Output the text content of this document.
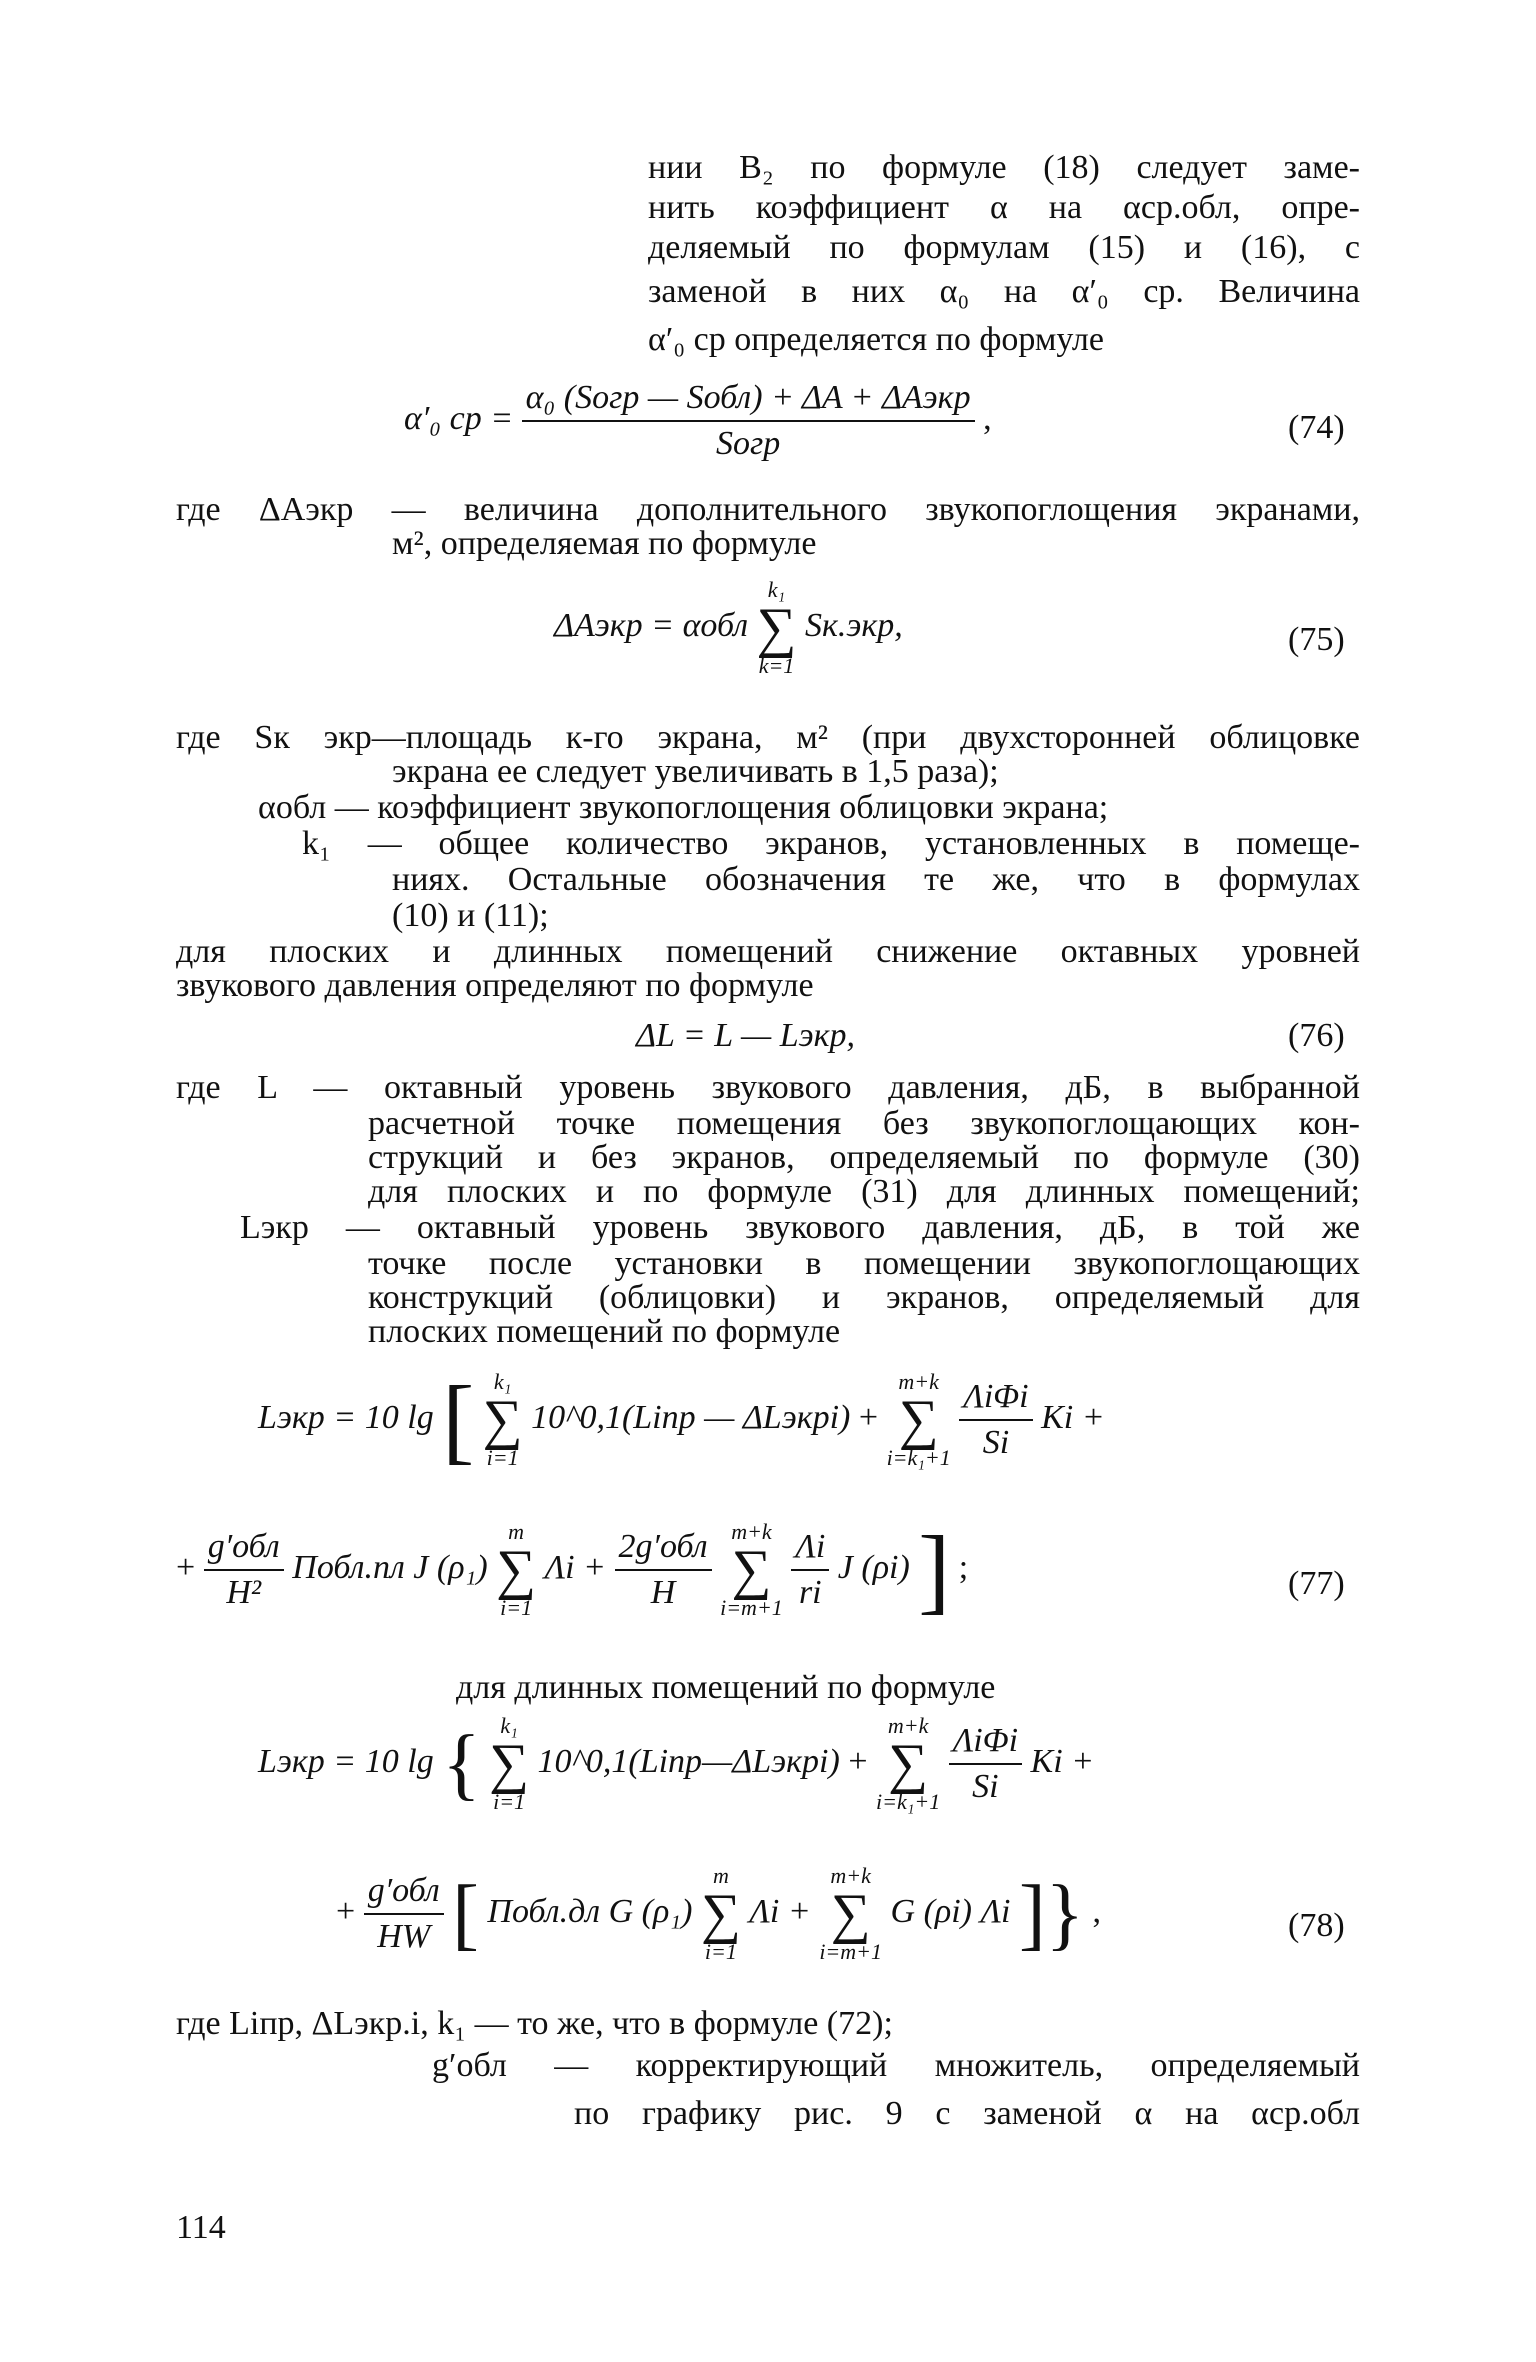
нии В₂ по формуле (18) следует заме-
нить коэффициент α на αср.обл, опре-
деляемый по формулам (15) и (16), с
заменой в них α₀ на α′₀ ср. Величина
α′₀ ср определяется по формуле
α′₀ ср = $\frac{\text{α₀ (Sогр — Sобл) + ΔA + ΔAэкр}}{\text{Sогр}}$ ,	(74)
где ΔAэкр — величина дополнительного звукопоглощения экранами,
м², определяемая по формуле
ΔAэкр = αобл
k₁
∑
k=1
Sк.экр,	(75)
где Sк экр—площадь к-го экрана, м² (при двухсторонней облицовке
экрана ее следует увеличивать в 1,5 раза);
αобл — коэффициент звукопоглощения облицовки экрана;
k₁ — общее количество экранов, установленных в помеще-
ниях. Остальные обозначения те же, что в формулах
(10) и (11);
для плоских и длинных помещений снижение октавных уровней
звукового давления определяют по формуле
ΔL = L — Lэкр,	(76)
где L — октавный уровень звукового давления, дБ, в выбранной
расчетной точке помещения без звукопоглощающих кон-
струкций и без экранов, определяемый по формуле (30)
для плоских и по формуле (31) для длинных помещений;
Lэкр — октавный уровень звукового давления, дБ, в той же
точке после установки в помещении звукопоглощающих
конструкций (облицовки) и экранов, определяемый для
плоских помещений по формуле
Lэкр = 10 lg [ k₁
∑
i=1
10^0,1(Liпр — ΔLэкрi) +
m+k
∑
i=k₁+1
$\frac{\text{ΛiΦi}}{Si}$ Ki +
+ $\frac{\text{g′обл}}{\text{H²}}$ Побл.пл J (ρ₁)
m
∑
i=1
$\Lambda i + \frac{\text{2g′обл}}{H}$
m+k
∑
i=m+1
$\frac{\Lambda i}{ri}$ J (ρi) ] ;	(77)
для длинных помещений по формуле
Lэкр = 10 lg { k₁
∑
i=1
10^0,1(Liпр—ΔLэкрi) +
m+k
∑
i=k₁+1
$\frac{\text{ΛiΦi}}{Si}$ Ki +
+ $\frac{\text{g′обл}}{HW}$ [ Побл.дл G (ρ₁)
m
∑
i=1
Λi +
m+k
∑
i=m+1
G (ρi) Λi ]} ,	(78)
где Liпр, ΔLэкр.i, k₁ — то же, что в формуле (72);
g′обл — корректирующий множитель, определяемый
по графику рис. 9 с заменой α на αср.обл
114
